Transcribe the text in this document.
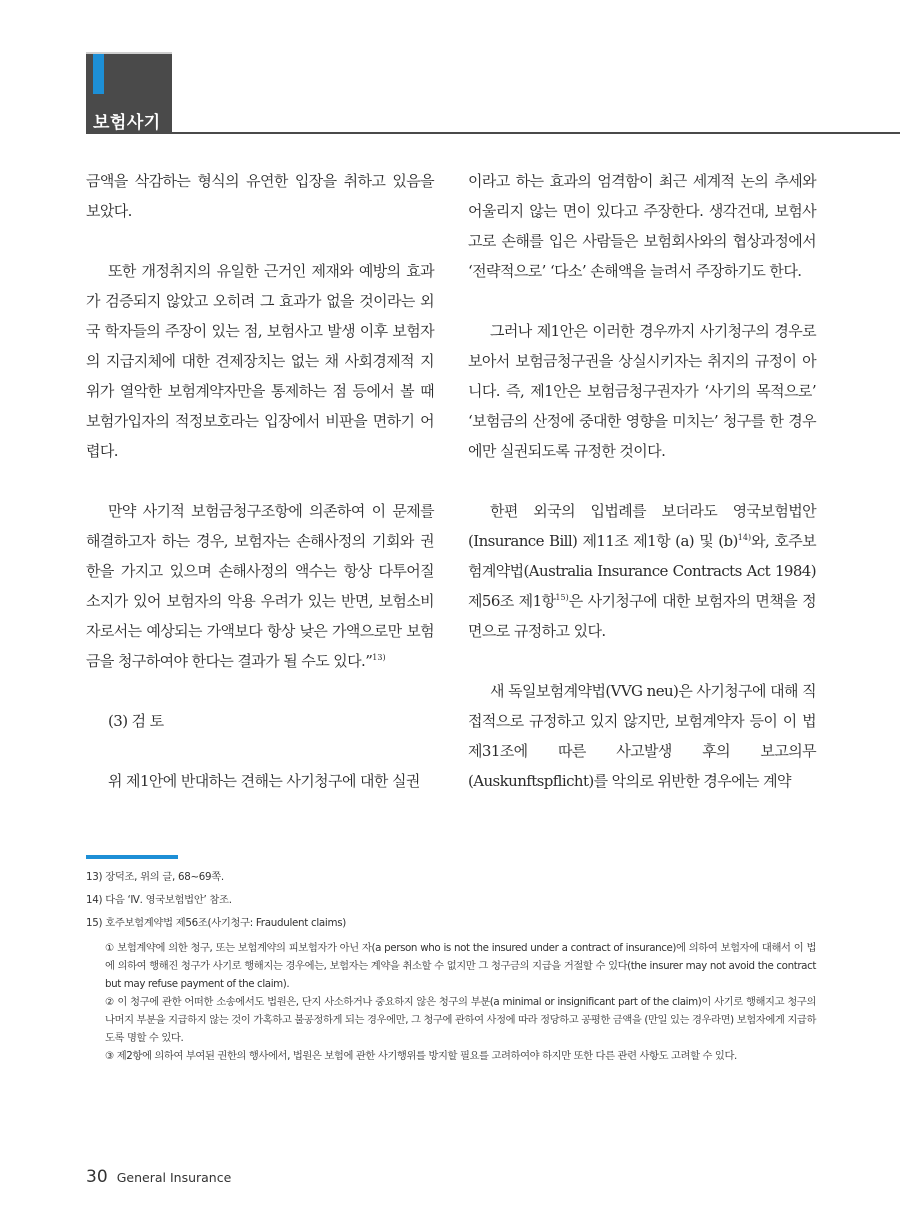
보험사기

금액을 삭감하는 형식의 유연한 입장을 취하고 있음을 보았다.

또한 개정취지의 유일한 근거인 제재와 예방의 효과가 검증되지 않았고 오히려 그 효과가 없을 것이라는 외국 학자들의 주장이 있는 점, 보험사고 발생 이후 보험자의 지급지체에 대한 견제장치는 없는 채 사회경제적 지위가 열악한 보험계약자만을 통제하는 점 등에서 볼 때 보험가입자의 적정보호라는 입장에서 비판을 면하기 어렵다.

만약 사기적 보험금청구조항에 의존하여 이 문제를 해결하고자 하는 경우, 보험자는 손해사정의 기회와 권한을 가지고 있으며 손해사정의 액수는 항상 다투어질 소지가 있어 보험자의 악용 우려가 있는 반면, 보험소비자로서는 예상되는 가액보다 항상 낮은 가액으로만 보험금을 청구하여야 한다는 결과가 될 수도 있다.”$^{13)}$

(3) 검 토

위 제1안에 반대하는 견해는 사기청구에 대한 실권

이라고 하는 효과의 엄격함이 최근 세계적 논의 추세와 어울리지 않는 면이 있다고 주장한다. 생각건대, 보험사고로 손해를 입은 사람들은 보험회사와의 협상과정에서 ‘전략적으로’ ‘다소’ 손해액을 늘려서 주장하기도 한다.

그러나 제1안은 이러한 경우까지 사기청구의 경우로 보아서 보험금청구권을 상실시키자는 취지의 규정이 아니다. 즉, 제1안은 보험금청구권자가 ‘사기의 목적으로’ ‘보험금의 산정에 중대한 영향을 미치는’ 청구를 한 경우에만 실권되도록 규정한 것이다.

한편 외국의 입법례를 보더라도 영국보험법안(Insurance Bill) 제11조 제1항 (a) 및 $(b)^{14)}$와, 호주보험계약법(Australia Insurance Contracts Act 1984) 제56조 제1항$^{15)}$은 사기청구에 대한 보험자의 면책을 정면으로 규정하고 있다.

새 독일보험계약법(VVG neu)은 사기청구에 대해 직접적으로 규정하고 있지 않지만, 보험계약자 등이 이 법 제31조에 따른 사고발생 후의 보고의무(Auskunftspflicht)를 악의로 위반한 경우에는 계약

13) 장덕조, 위의 글, 68~69쪽.
14) 다음 ‘Ⅳ. 영국보험법안’ 참조.
15) 호주보험계약법 제56조(사기청구: Fraudulent claims)
① 보험계약에 의한 청구, 또는 보험계약의 피보험자가 아닌 자(a person who is not the insured under a contract of insurance)에 의하여 보험자에 대해서 이 법에 의하여 행해진 청구가 사기로 행해지는 경우에는, 보험자는 계약을 취소할 수 없지만 그 청구금의 지급을 거절할 수 있다(the insurer may not avoid the contract but may refuse payment of the claim).
② 이 청구에 관한 어떠한 소송에서도 법원은, 단지 사소하거나 중요하지 않은 청구의 부분(a minimal or insignificant part of the claim)이 사기로 행해지고 청구의 나머지 부분을 지급하지 않는 것이 가혹하고 불공정하게 되는 경우에만, 그 청구에 관하여 사정에 따라 정당하고 공평한 금액을 (만일 있는 경우라면) 보험자에게 지급하도록 명할 수 있다.
③ 제2항에 의하여 부여된 권한의 행사에서, 법원은 보험에 관한 사기행위를 방지할 필요를 고려하여야 하지만 또한 다른 관련 사항도 고려할 수 있다.
30 General Insurance
